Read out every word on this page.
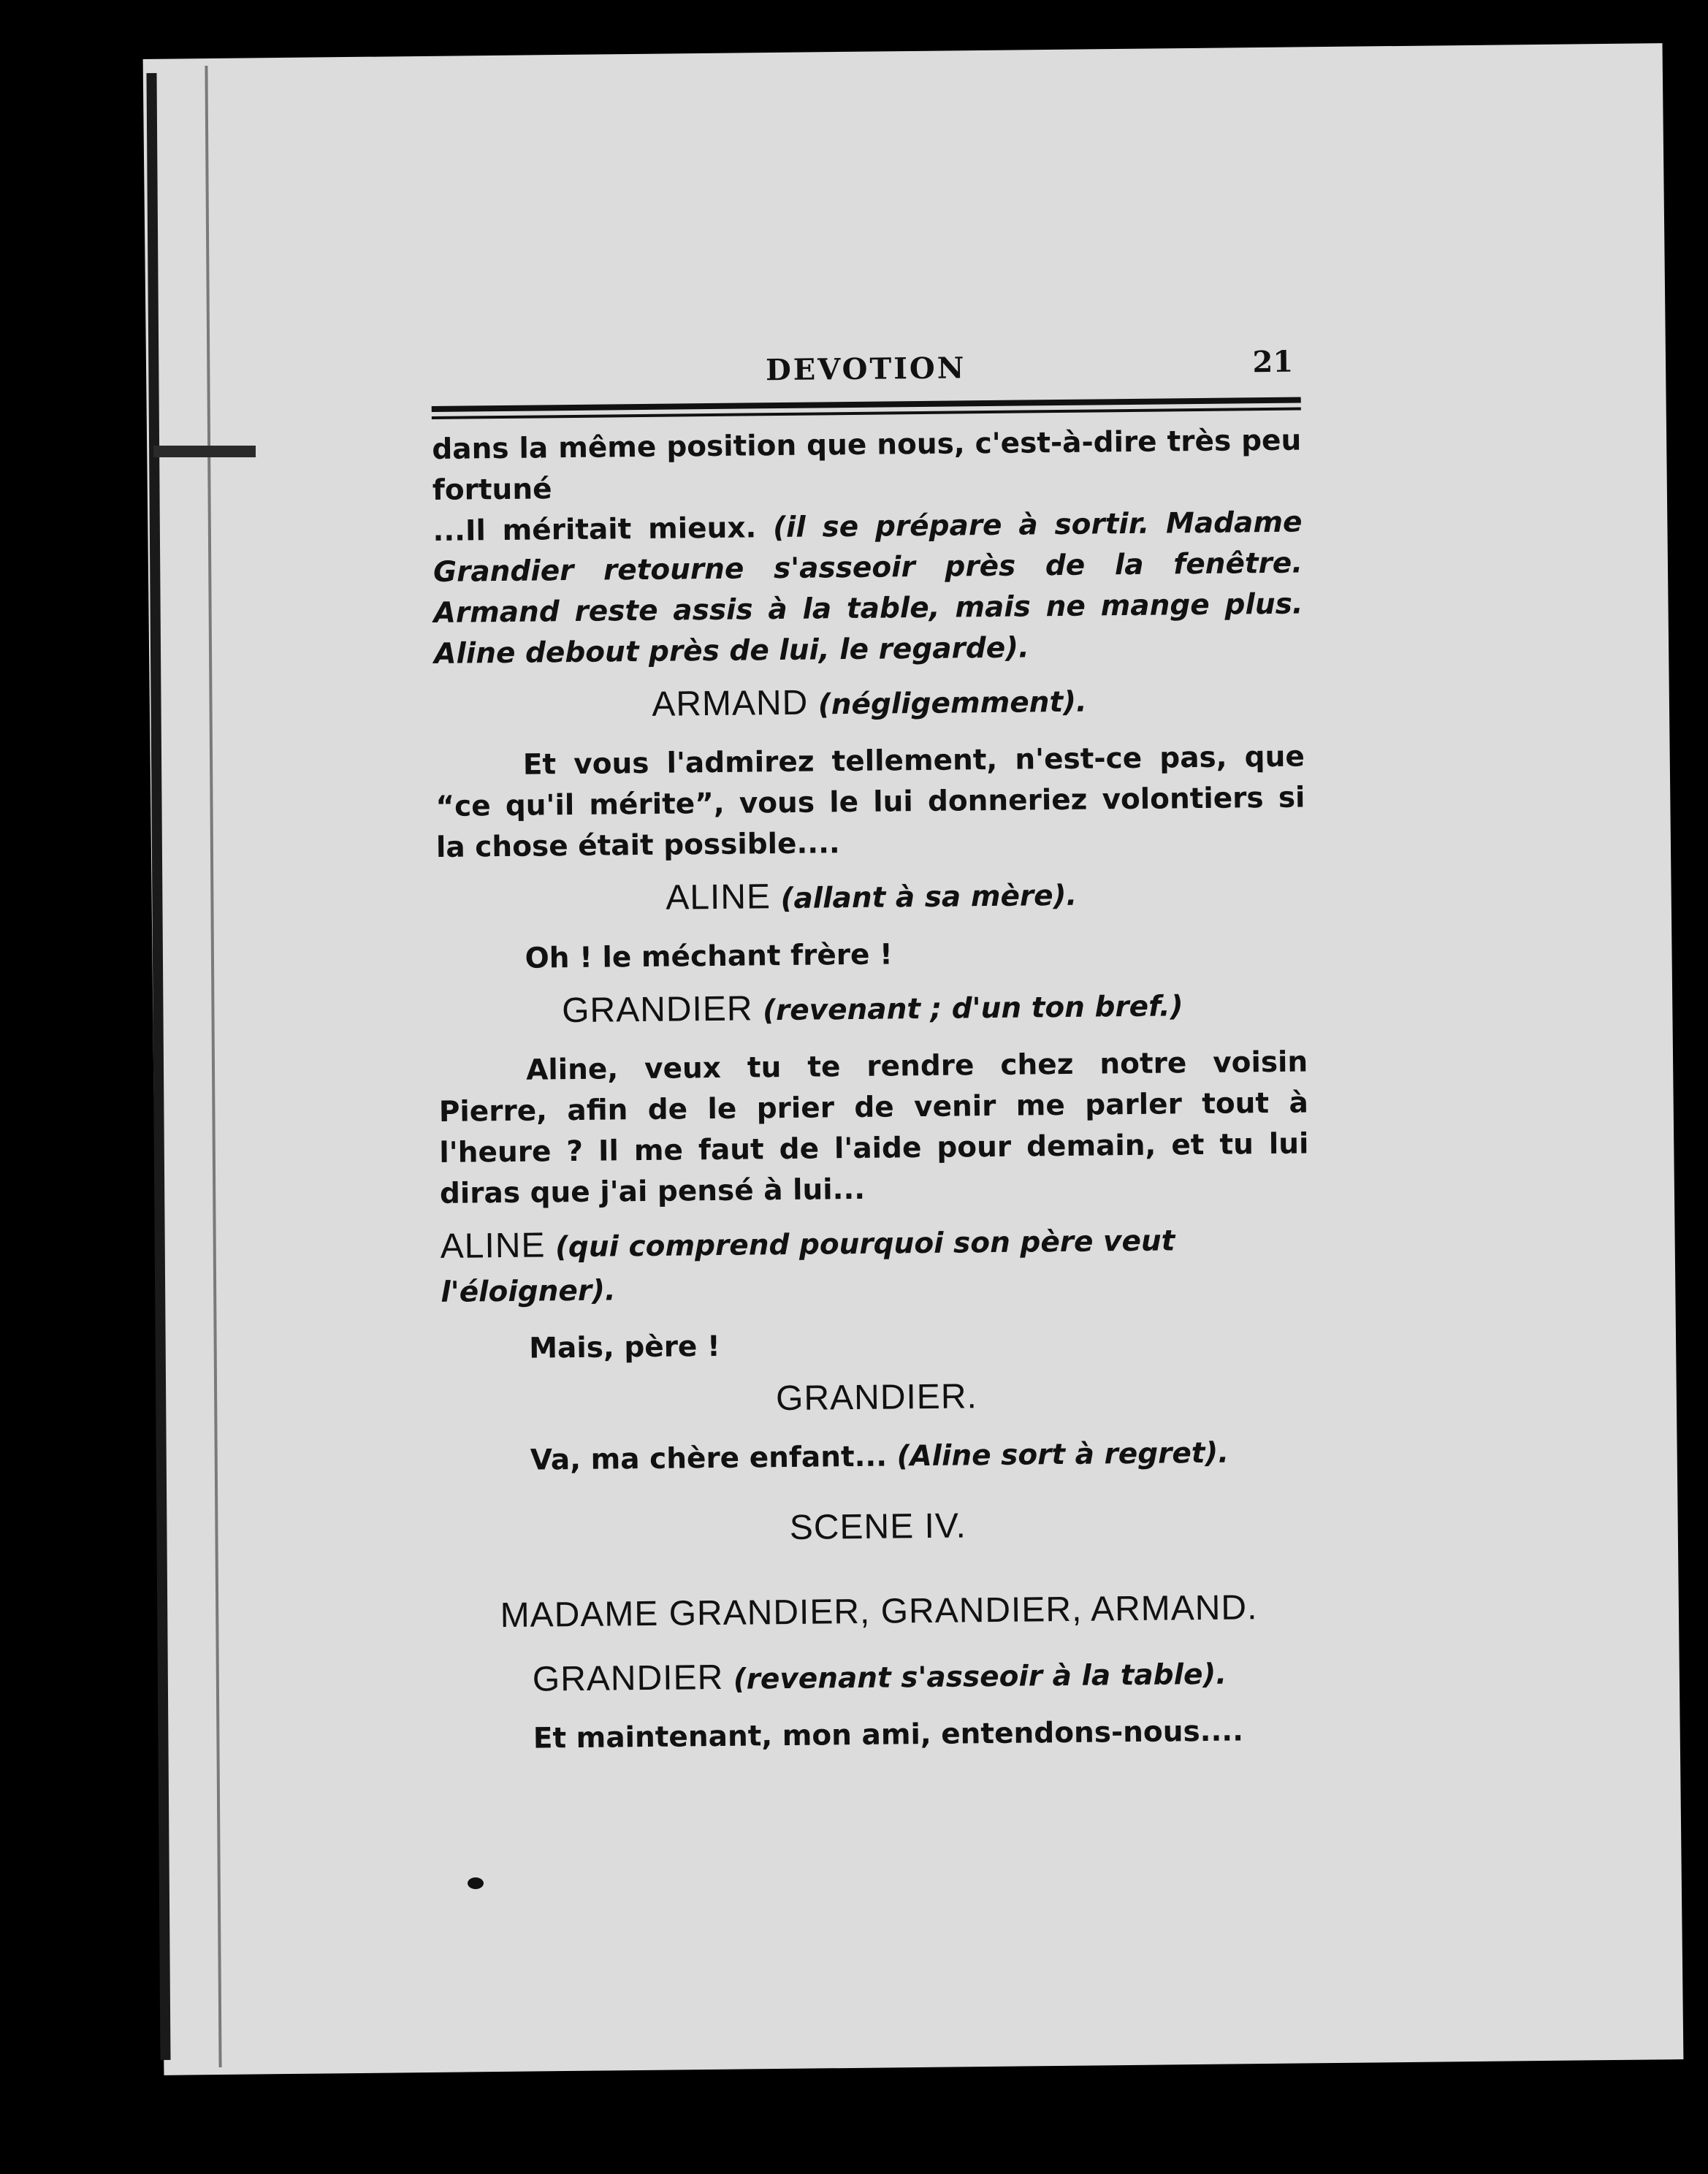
DEVOTION	21

dans la même position que nous, c'est-à-dire très peu fortuné

...Il méritait mieux. (il se prépare à sortir. Madame Grandier retourne s'asseoir près de la fenêtre. Armand reste assis à la table, mais ne mange plus. Aline debout près de lui, le regarde).

ARMAND (négligemment).

Et vous l'admirez tellement, n'est-ce pas, que “ce qu'il mérite”, vous le lui donneriez volontiers si la chose était possible....

ALINE (allant à sa mère).

Oh ! le méchant frère !

GRANDIER (revenant ; d'un ton bref.)

Aline, veux tu te rendre chez notre voisin Pierre, afin de le prier de venir me parler tout à l'heure ? Il me faut de l'aide pour demain, et tu lui diras que j'ai pensé à lui...

ALINE (qui comprend pourquoi son père veut l'éloigner).

Mais, père !

GRANDIER.

Va, ma chère enfant... (Aline sort à regret).

SCENE IV.
MADAME GRANDIER, GRANDIER, ARMAND.
GRANDIER (revenant s'asseoir à la table).

Et maintenant, mon ami, entendons-nous....
